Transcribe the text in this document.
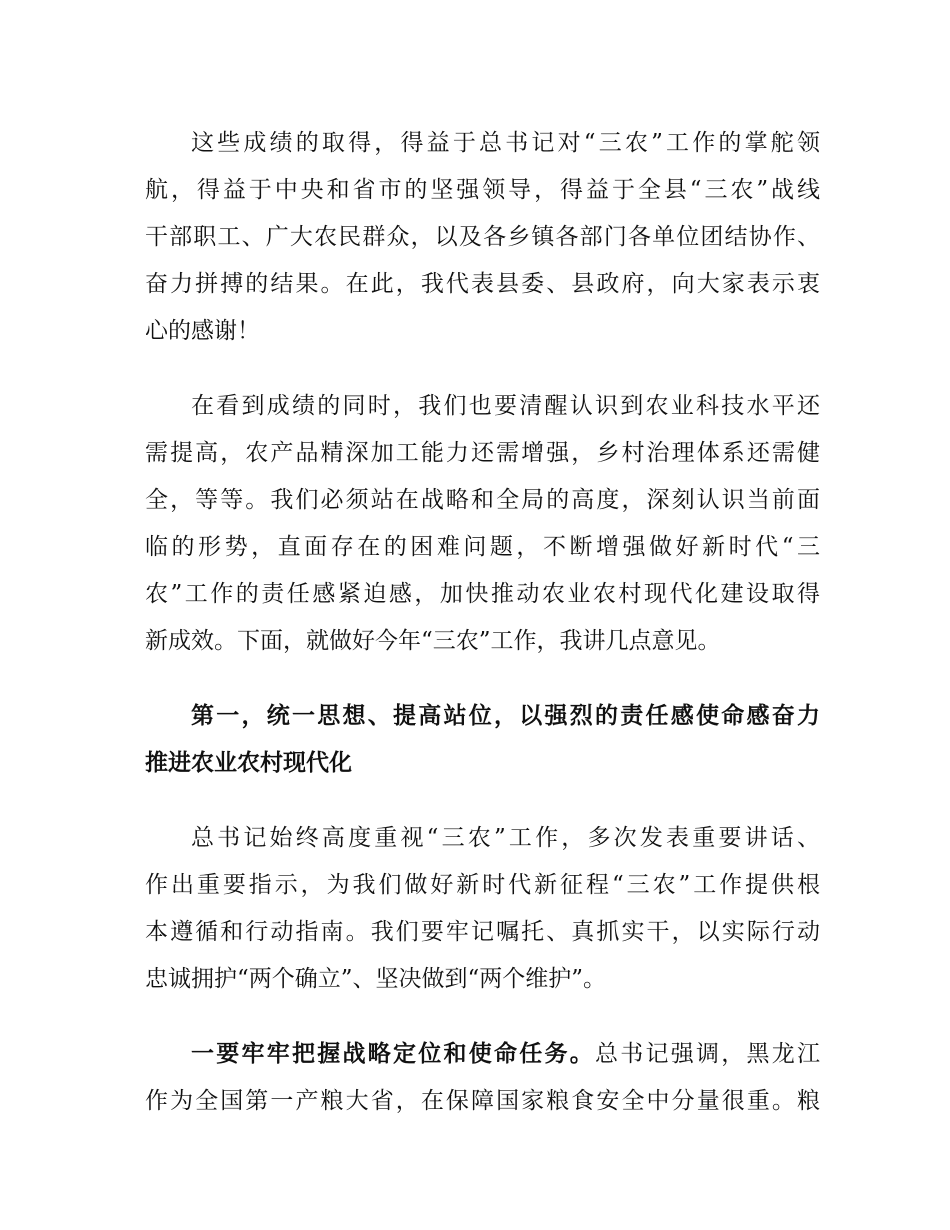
这些成绩的取得，得益于总书记对“三农”工作的掌舵领
航，得益于中央和省市的坚强领导，得益于全县“三农”战线
干部职工、广大农民群众，以及各乡镇各部门各单位团结协作、
奋力拼搏的结果。在此，我代表县委、县政府，向大家表示衷
心的感谢！
在看到成绩的同时，我们也要清醒认识到农业科技水平还
需提高，农产品精深加工能力还需增强，乡村治理体系还需健
全，等等。我们必须站在战略和全局的高度，深刻认识当前面
临的形势，直面存在的困难问题，不断增强做好新时代“三
农”工作的责任感紧迫感，加快推动农业农村现代化建设取得
新成效。下面，就做好今年“三农”工作，我讲几点意见。
第一，统一思想、提高站位，以强烈的责任感使命感奋力
推进农业农村现代化
总书记始终高度重视“三农”工作，多次发表重要讲话、
作出重要指示，为我们做好新时代新征程“三农”工作提供根
本遵循和行动指南。我们要牢记嘱托、真抓实干，以实际行动
忠诚拥护“两个确立”、坚决做到“两个维护”。
一要牢牢把握战略定位和使命任务。总书记强调，黑龙江
作为全国第一产粮大省，在保障国家粮食安全中分量很重。粮
